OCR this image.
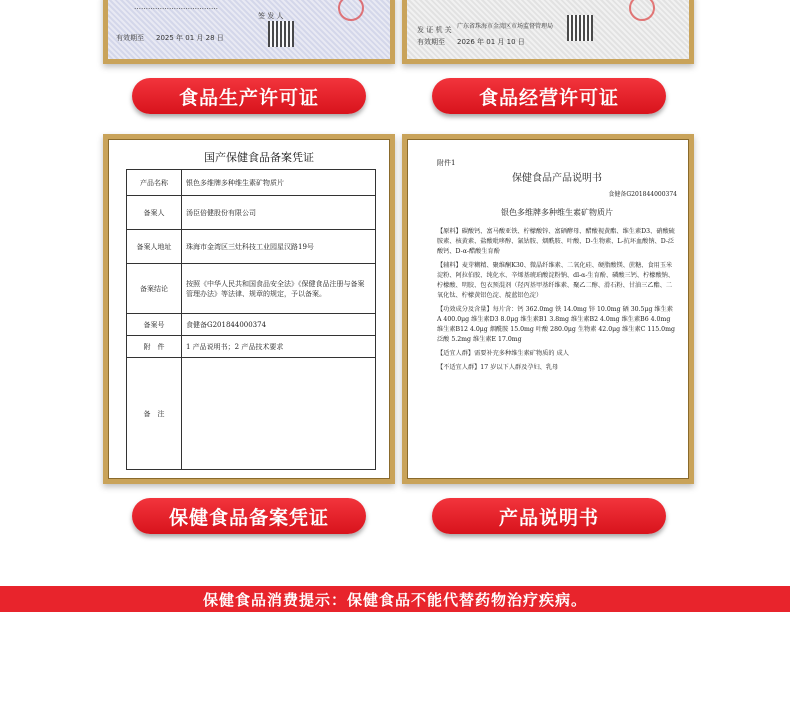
………………………………
签 发 人
有效期至 2025 年 01 月 28 日
发 证 机 关 广东省珠海市金湾区市场监督管理局
有效期至 2026 年 01 月 10 日
食品生产许可证	食品经营许可证
国产保健食品备案凭证
产品名称	银色多维牌多种维生素矿物质片
备案人	汤臣倍健股份有限公司
备案人地址	珠海市金湾区三灶科技工业园星汉路19号
备案结论	按照《中华人民共和国食品安全法》《保健食品注册与备案管理办法》等法律、规章的规定，予以备案。
备案号	食健备G201844000374
附　件	1 产品说明书；2 产品技术要求
备　注	

附件1

保健食品产品说明书

食健备G201844000374

银色多维牌多种维生素矿物质片

【原料】碳酸钙、富马酸亚铁、柠檬酸锌、富硒酵母、醋酸视黄酯、维生素D3、硝酸硫胺素、核黄素、盐酸吡哆醇、氰钴胺、烟酰胺、叶酸、D-生物素、L-抗坏血酸钠、D-泛酸钙、D-α-醋酸生育酚

【辅料】麦芽糊精、聚维酮K30、微晶纤维素、二氧化硅、硬脂酸镁、蔗糖、食用玉米淀粉、阿拉伯胶、纯化水、辛烯基琥珀酸淀粉钠、dl-α-生育酚、磷酸三钙、柠檬酸钠、柠檬酸、明胶、包衣预混剂（羟丙基甲基纤维素、聚乙二醇、滑石粉、甘油三乙酯、二氧化钛、柠檬黄铝色淀、靛蓝铝色淀）

【功效成分及含量】每片含：钙 362.0mg 铁 14.0mg 锌 10.0mg 硒 30.5μg 维生素A 400.0μg 维生素D3 8.0μg 维生素B1 3.8mg 维生素B2 4.0mg 维生素B6 4.0mg 维生素B12 4.0μg 烟酰胺 15.0mg 叶酸 280.0μg 生物素 42.0μg 维生素C 115.0mg 泛酸 5.2mg 维生素E 17.0mg

【适宜人群】需要补充多种维生素矿物质的 成人

【不适宜人群】17 岁以下人群及孕妇、乳母

保健食品备案凭证	产品说明书
保健食品消费提示：保健食品不能代替药物治疗疾病。
